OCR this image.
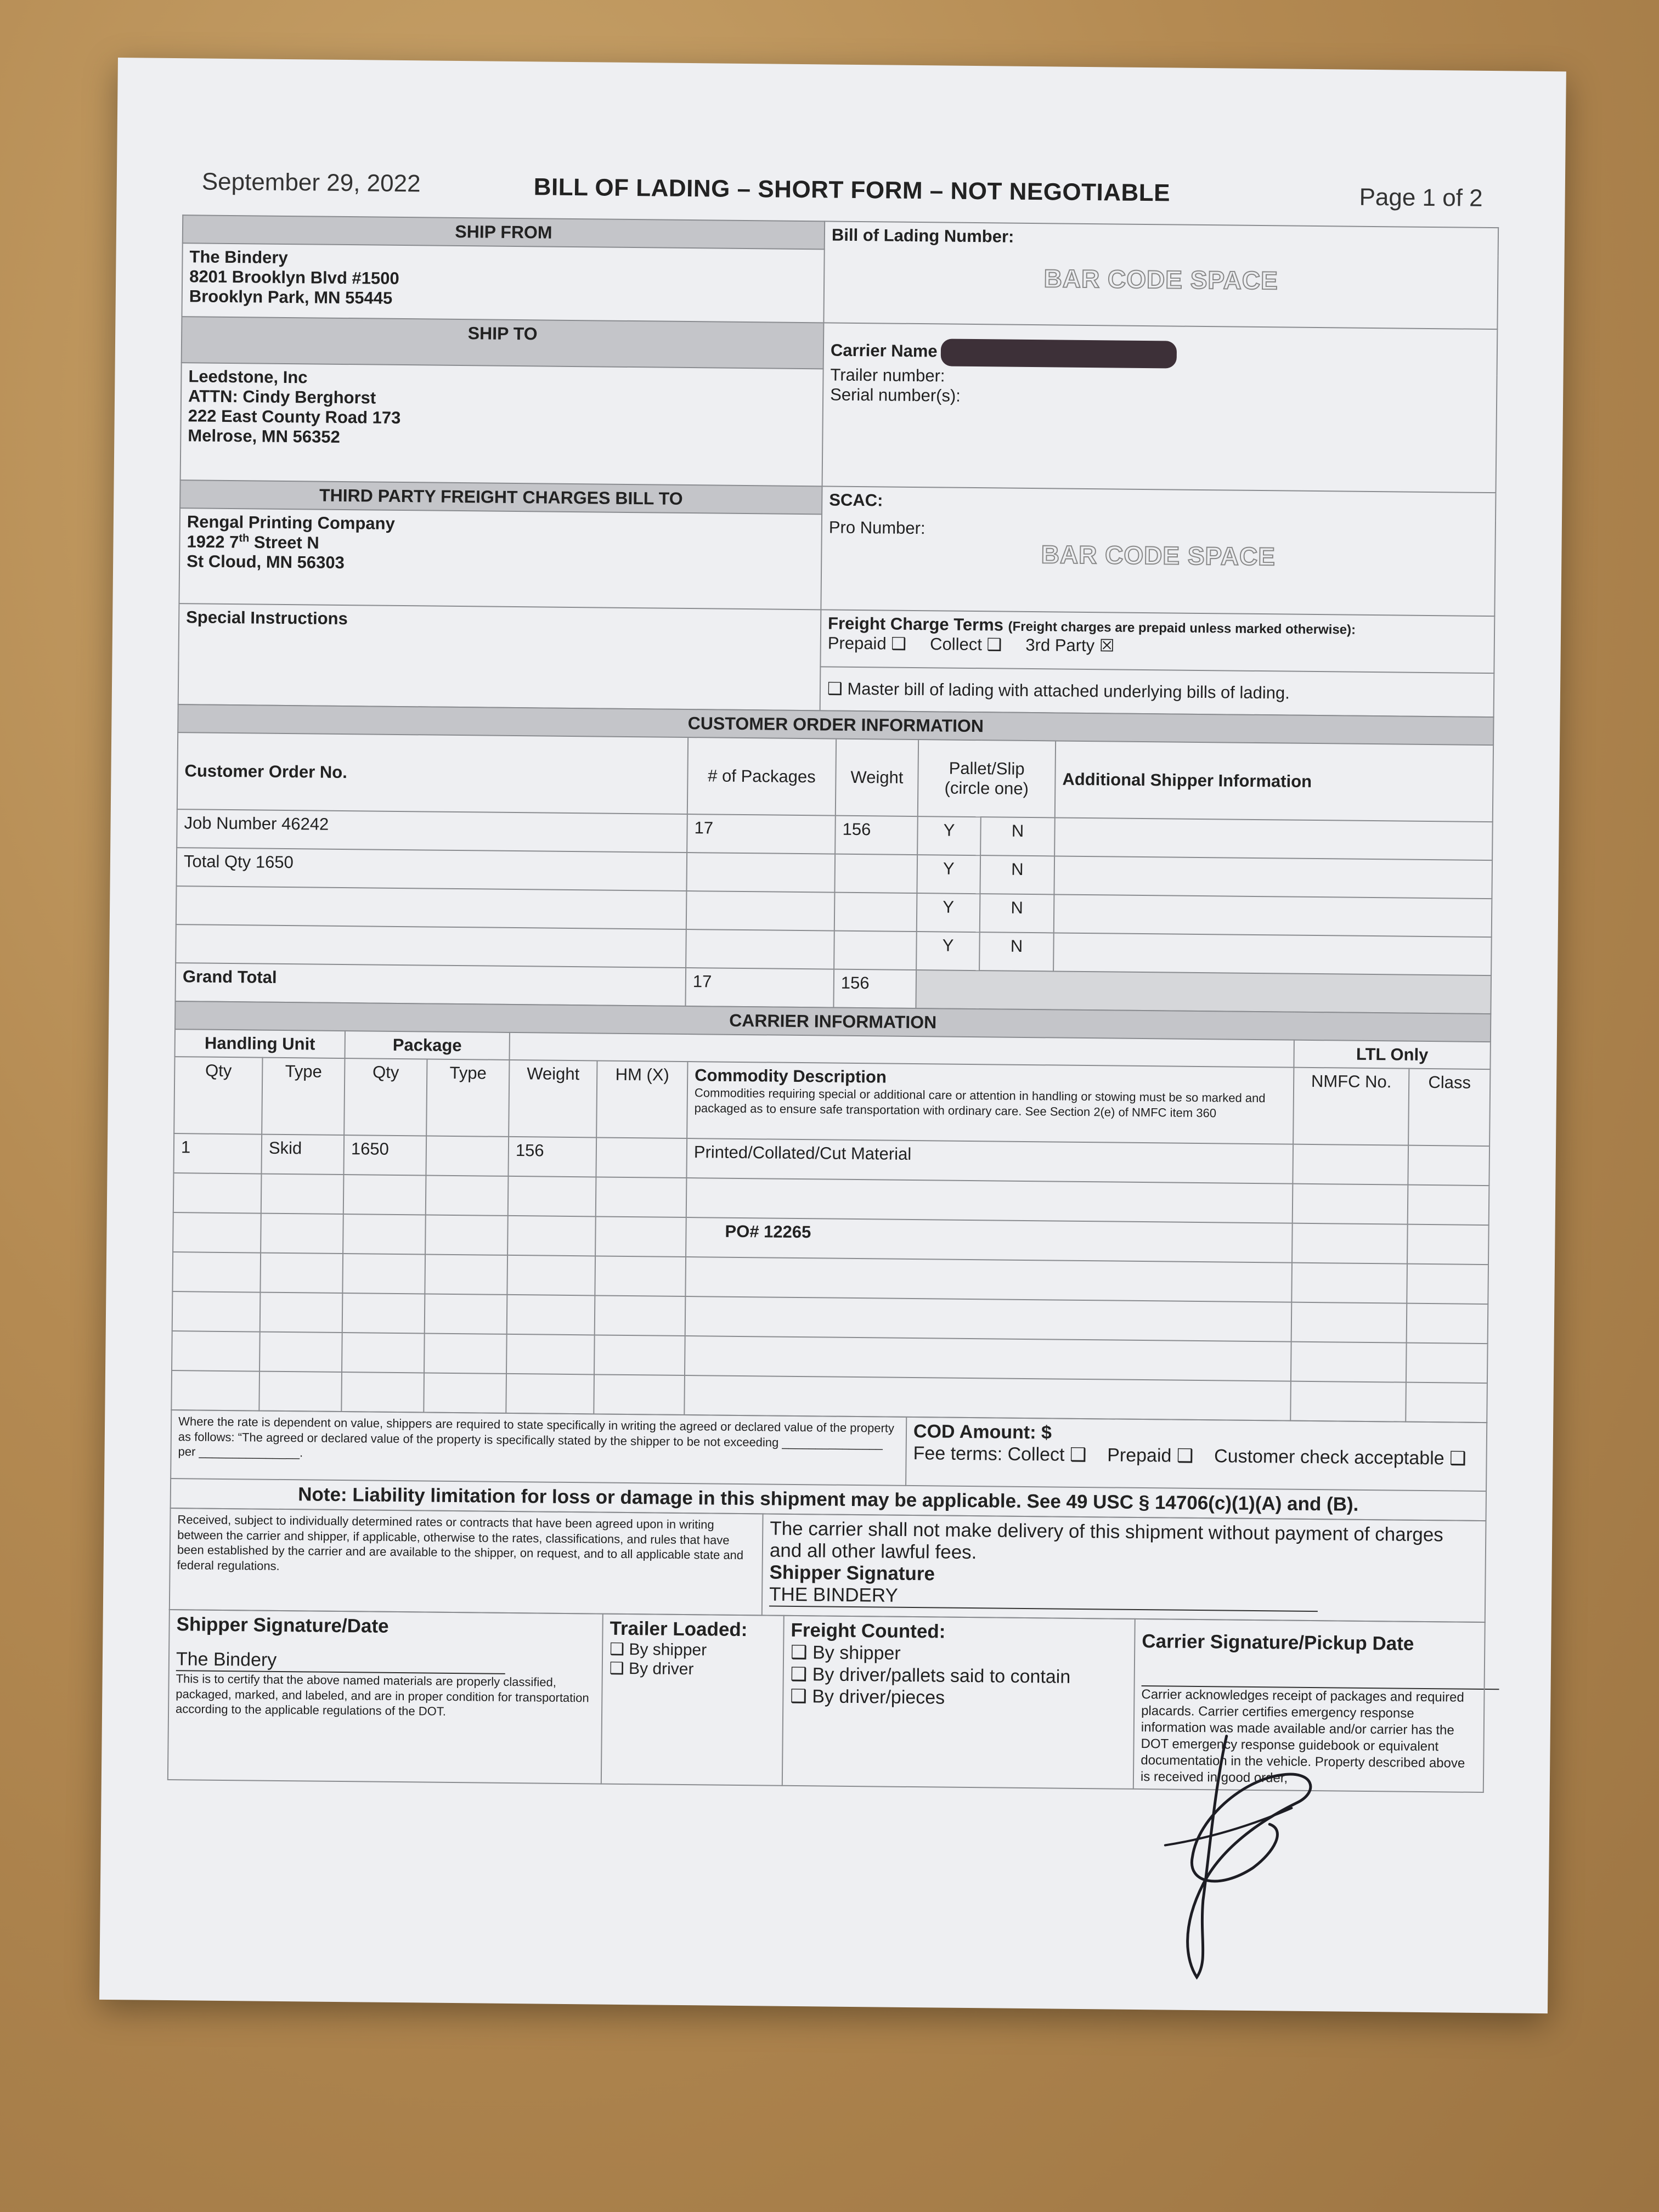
September 29, 2022	BILL OF LADING – SHORT FORM – NOT NEGOTIABLE	Page 1 of 2
SHIP FROM	Bill of Lading Number:
BAR CODE SPACE

The Bindery
8201 Brooklyn Blvd #1500
Brooklyn Park, MN 55445	

SHIP TO	Carrier Name
Trailer number:
Serial number(s):

Leedstone, Inc
ATTN: Cindy Berghorst
222 East County Road 173
Melrose, MN 56352	

THIRD PARTY FREIGHT CHARGES BILL TO	SCAC:
Pro Number:
BAR CODE SPACE

Rengal Printing Company
1922 7th Street N
St Cloud, MN 56303	

Special Instructions	Freight Charge Terms (Freight charges are prepaid unless marked otherwise):
Prepaid ❑ Collect ❑ 3rd Party ☒

	❑ Master bill of lading with attached underlying bills of lading.
CUSTOMER ORDER INFORMATION					
Customer Order No.	# of Packages	Weight	Pallet/Slip
(circle one)		Additional Shipper Information
Job Number 46242	17	156	Y	N	
Total Qty 1650			Y	N	
			Y	N	
			Y	N	
Grand Total	17	156			
CARRIER INFORMATION								
Handling Unit		Package					LTL Only	
Qty	Type	Qty	Type	Weight	HM (X)	Commodity Description
Commodities requiring special or additional care or attention in handling or stowing must be so marked and packaged as to ensure safe transportation with ordinary care. See Section 2(e) of NMFC item 360	NMFC No.	Class
1	Skid	1650		156		Printed/Collated/Cut Material		

						PO# 12265		

Where the rate is dependent on value, shippers are required to state specifically in writing the agreed or declared value of the property as follows: “The agreed or declared value of the property is specifically stated by the shipper to be not exceeding _______________ per _______________.	
COD Amount: $
Fee terms: Collect ❑ Prepaid ❑ Customer check acceptable ❑

Note: Liability limitation for loss or damage in this shipment may be applicable. See 49 USC § 14706(c)(1)(A) and (B).
Received, subject to individually determined rates or contracts that have been agreed upon in writing between the carrier and shipper, if applicable, otherwise to the rates, classifications, and rules that have been established by the carrier and are available to the shipper, on request, and to all applicable state and federal regulations.	
The carrier shall not make delivery of this shipment without payment of charges and all other lawful fees.
Shipper Signature  THE BINDERY
Shipper Signature/Date
The Bindery
This is to certify that the above named materials are properly classified, packaged, marked, and labeled, and are in proper condition for transportation according to the applicable regulations of the DOT.

Trailer Loaded:
❑ By shipper
❑ By driver

Freight Counted:
❑ By shipper
❑ By driver/pallets said to contain
❑ By driver/pieces

Carrier Signature/Pickup Date
Carrier acknowledges receipt of packages and required placards. Carrier certifies emergency response information was made available and/or carrier has the DOT emergency response guidebook or equivalent documentation in the vehicle. Property described above is received in good order,
